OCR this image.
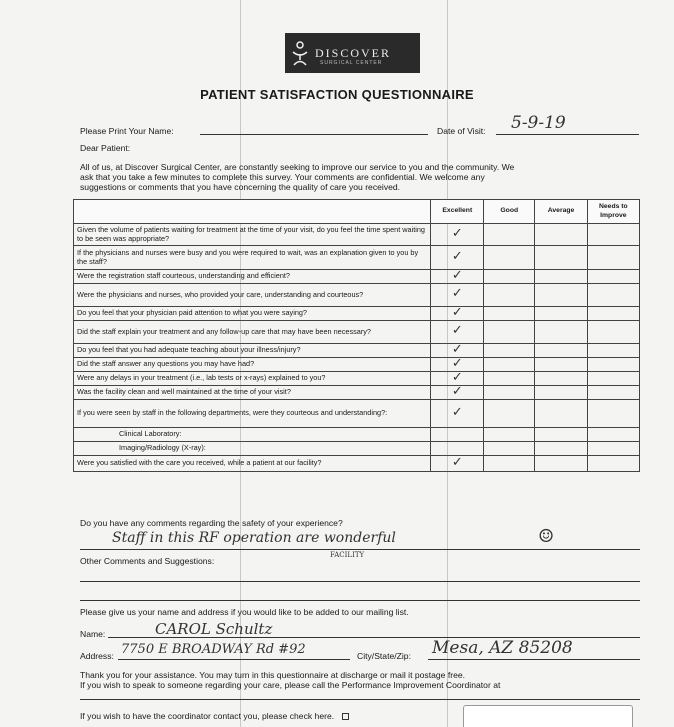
DISCOVER
SURGICAL CENTER
PATIENT SATISFACTION QUESTIONNAIRE
Please Print Your Name:	Date of Visit: 5-9-19
Dear Patient:
All of us, at Discover Surgical Center, are constantly seeking to improve our service to you and the community. We
ask that you take a few minutes to complete this survey. Your comments are confidential. We welcome any
suggestions or comments that you have concerning the quality of care you received.
	Excellent	Good	Average	Needs to Improve
Given the volume of patients waiting for treatment at the time of your visit, do you feel the time spent waiting to be seen was appropriate?	✓			
If the physicians and nurses were busy and you were required to wait, was an explanation given to you by the staff?	✓			
Were the registration staff courteous, understanding and efficient?	✓			
Were the physicians and nurses, who provided your care, understanding and courteous?	✓			
Do you feel that your physician paid attention to what you were saying?	✓			
Did the staff explain your treatment and any follow-up care that may have been necessary?	✓			
Do you feel that you had adequate teaching about your illness/injury?	✓			
Did the staff answer any questions you may have had?	✓			
Were any delays in your treatment (i.e., lab tests or x-rays) explained to you?	✓			
Was the facility clean and well maintained at the time of your visit?	✓			
If you were seen by staff in the following departments, were they courteous and understanding?:	✓			
Clinical Laboratory:				
Imaging/Radiology (X-ray):				
Were you satisfied with the care you received, while a patient at our facility?	✓			
Do you have any comments regarding the safety of your experience?
Staff in this RF operation are wonderful
FACILITY
☺
Other Comments and Suggestions:
Please give us your name and address if you would like to be added to our mailing list.
Name:	CAROL Schultz
Address: 7750 E BROADWAY Rd #92	City/State/Zip: Mesa, AZ 85208
Thank you for your assistance. You may turn in this questionnaire at discharge or mail it postage free.
If you wish to speak to someone regarding your care, please call the Performance Improvement Coordinator at
If you wish to have the coordinator contact you, please check here.
